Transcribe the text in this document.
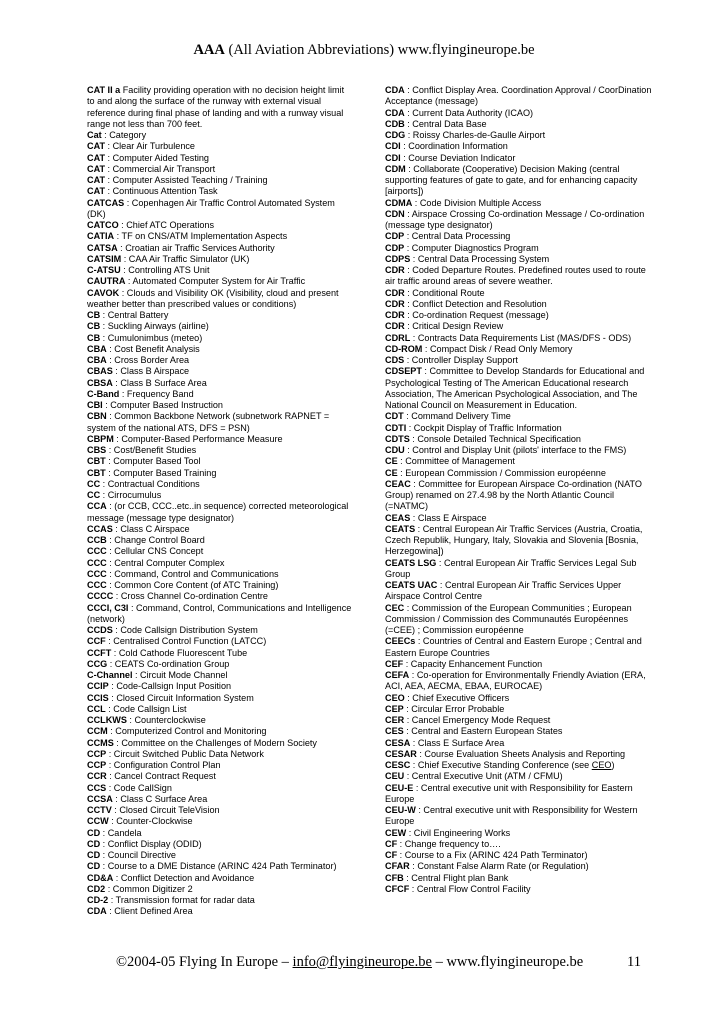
AAA (All Aviation Abbreviations) www.flyingineurope.be
CAT II a Facility providing operation with no decision height limit to and along the surface of the runway with external visual reference during final phase of landing and with a runway visual range not less than 700 feet.
Cat : Category
CAT : Clear Air Turbulence
CAT : Computer Aided Testing
CAT : Commercial Air Transport
CAT : Computer Assisted Teaching / Training
CAT : Continuous Attention Task
CATCAS : Copenhagen Air Traffic Control Automated System (DK)
CATCO : Chief ATC Operations
CATIA : TF on CNS/ATM Implementation Aspects
CATSA : Croatian air Traffic Services Authority
CATSIM : CAA Air Traffic Simulator (UK)
C-ATSU : Controlling ATS Unit
CAUTRA : Automated Computer System for Air Traffic
CAVOK : Clouds and Visibility OK (Visibility, cloud and present weather better than prescribed values or conditions)
CB : Central Battery
CB : Suckling Airways (airline)
CB : Cumulonimbus (meteo)
CBA : Cost Benefit Analysis
CBA : Cross Border Area
CBAS : Class B Airspace
CBSA : Class B Surface Area
C-Band : Frequency Band
CBI : Computer Based Instruction
CBN : Common Backbone Network (subnetwork RAPNET = system of the national ATS, DFS = PSN)
CBPM : Computer-Based Performance Measure
CBS : Cost/Benefit Studies
CBT : Computer Based Tool
CBT : Computer Based Training
CC : Contractual Conditions
CC : Cirrocumulus
CCA : (or CCB, CCC..etc..in sequence) corrected meteorological message (message type designator)
CCAS : Class C Airspace
CCB : Change Control Board
CCC : Cellular CNS Concept
CCC : Central Computer Complex
CCC : Command, Control and Communications
CCC : Common Core Content (of ATC Training)
CCCC : Cross Channel Co-ordination Centre
CCCI, C3I : Command, Control, Communications and Intelligence (network)
CCDS : Code Callsign Distribution System
CCF : Centralised Control Function (LATCC)
CCFT : Cold Cathode Fluorescent Tube
CCG : CEATS Co-ordination Group
C-Channel : Circuit Mode Channel
CCIP : Code-Callsign Input Position
CCIS : Closed Circuit Information System
CCL : Code Callsign List
CCLKWS : Counterclockwise
CCM : Computerized Control and Monitoring
CCMS : Committee on the Challenges of Modern Society
CCP : Circuit Switched Public Data Network
CCP : Configuration Control Plan
CCR : Cancel Contract Request
CCS : Code CallSign
CCSA : Class C Surface Area
CCTV : Closed Circuit TeleVision
CCW : Counter-Clockwise
CD : Candela
CD : Conflict Display (ODID)
CD : Council Directive
CD : Course to a DME Distance (ARINC 424 Path Terminator)
CD&A : Conflict Detection and Avoidance
CD2 : Common Digitizer 2
CD-2 : Transmission format for radar data
CDA : Client Defined Area
CDA : Conflict Display Area. Coordination Approval / CoorDination Acceptance (message)
CDA : Current Data Authority (ICAO)
CDB : Central Data Base
CDG : Roissy Charles-de-Gaulle Airport
CDI : Coordination Information
CDI : Course Deviation Indicator
CDM : Collaborate (Cooperative) Decision Making (central supporting features of gate to gate, and for enhancing capacity [airports])
CDMA : Code Division Multiple Access
CDN : Airspace Crossing Co-ordination Message / Co-ordination (message type designator)
CDP : Central Data Processing
CDP : Computer Diagnostics Program
CDPS : Central Data Processing System
CDR : Coded Departure Routes. Predefined routes used to route air traffic around areas of severe weather.
CDR : Conditional Route
CDR : Conflict Detection and Resolution
CDR : Co-ordination Request (message)
CDR : Critical Design Review
CDRL : Contracts Data Requirements List (MAS/DFS - ODS)
CD-ROM : Compact Disk / Read Only Memory
CDS : Controller Display Support
CDSEPT : Committee to Develop Standards for Educational and Psychological Testing of The American Educational research Association, The American Psychological Association, and The National Council on Measurement in Education.
CDT : Command Delivery Time
CDTI : Cockpit Display of Traffic Information
CDTS : Console Detailed Technical Specification
CDU : Control and Display Unit (pilots' interface to the FMS)
CE : Committee of Management
CE : European Commission / Commission européenne
CEAC : Committee for European Airspace Co-ordination (NATO Group) renamed on 27.4.98 by the North Atlantic Council (=NATMC)
CEAS : Class E Airspace
CEATS : Central European Air Traffic Services (Austria, Croatia, Czech Republik, Hungary, Italy, Slovakia and Slovenia [Bosnia, Herzegowina])
CEATS LSG : Central European Air Traffic Services Legal Sub Group
CEATS UAC : Central European Air Traffic Services Upper Airspace Control Centre
CEC : Commission of the European Communities ; European Commission / Commission des Communautés Européennes (=CEE) ; Commission européenne
CEECs : Countries of Central and Eastern Europe ; Central and Eastern Europe Countries
CEF : Capacity Enhancement Function
CEFA : Co-operation for Environmentally Friendly Aviation (ERA, ACI, AEA, AECMA, EBAA, EUROCAE)
CEO : Chief Executive Officers
CEP : Circular Error Probable
CER : Cancel Emergency Mode Request
CES : Central and Eastern European States
CESA : Class E Surface Area
CESAR : Course Evaluation Sheets Analysis and Reporting
CESC : Chief Executive Standing Conference (see CEO)
CEU : Central Executive Unit (ATM / CFMU)
CEU-E : Central executive unit with Responsibility for Eastern Europe
CEU-W : Central executive unit with Responsibility for Western Europe
CEW : Civil Engineering Works
CF : Change frequency to….
CF : Course to a Fix (ARINC 424 Path Terminator)
CFAR : Constant False Alarm Rate (or Regulation)
CFB : Central Flight plan Bank
CFCF : Central Flow Control Facility
©2004-05 Flying In Europe – info@flyingineurope.be – www.flyingineurope.be	11
